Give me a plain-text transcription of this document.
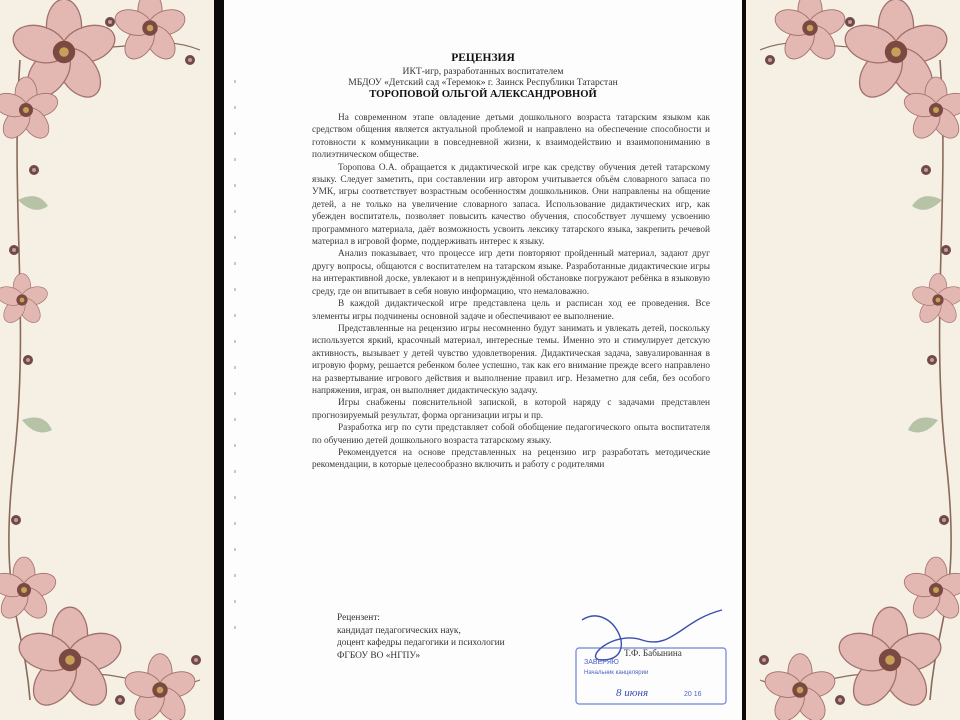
РЕЦЕНЗИЯ
ИКТ-игр, разработанных воспитателем
МБДОУ «Детский сад «Теремок» г. Заинск Республики Татарстан
ТОРОПОВОЙ ОЛЬГОЙ АЛЕКСАНДРОВНОЙ

На современном этапе овладение детьми дошкольного возраста татарским языком как средством общения является актуальной проблемой и направлено на обеспечение способности и готовности к коммуникации в повседневной жизни, к взаимодействию и взаимопониманию в полиэтническом обществе.

Торопова О.А. обращается к дидактической игре как средству обучения детей татарскому языку. Следует заметить, при составлении игр автором учитывается объём словарного запаса по УМК, игры соответствует возрастным особенностям дошкольников. Они направлены на общение детей, а не только на увеличение словарного запаса. Использование дидактических игр, как убежден воспитатель, позволяет повысить качество обучения, способствует лучшему усвоению программного материала, даёт возможность усвоить лексику татарского языка, закрепить речевой материал в игровой форме, поддерживать интерес к языку.

Анализ показывает, что процессе игр дети повторяют пройденный материал, задают друг другу вопросы, общаются с воспитателем на татарском языке. Разработанные дидактические игры на интерактивной доске, увлекают и в непринуждённой обстановке погружают ребёнка в языковую среду, где он впитывает в себя новую информацию, что немаловажно.

В каждой дидактической игре представлена цель и расписан ход ее проведения. Все элементы игры подчинены основной задаче и обеспечивают ее выполнение.

Представленные на рецензию игры несомненно будут занимать и увлекать детей, поскольку используется яркий, красочный материал, интересные темы. Именно это и стимулирует детскую активность, вызывает у детей чувство удовлетворения. Дидактическая задача, завуалированная в игровую форму, решается ребенком более успешно, так как его внимание прежде всего направлено на развертывание игрового действия и выполнение правил игр. Незаметно для себя, без особого напряжения, играя, он выполняет дидактическую задачу.

Игры снабжены пояснительной запиской, в которой наряду с задачами представлен прогнозируемый результат, форма организации игры и пр.

Разработка игр по сути представляет собой обобщение педагогического опыта воспитателя по обучению детей дошкольного возраста татарскому языку.

Рекомендуется на основе представленных на рецензию игр разработать методические рекомендации, в которые целесообразно включить и работу с родителями

Рецензент:
кандидат педагогических наук,
доцент кафедры педагогики и психологии
ФГБОУ ВО «НГПУ»
ЗАВЕРЯЮ
Начальник канцелярии
8 июня	20 16
Т.Ф. Бабынина
